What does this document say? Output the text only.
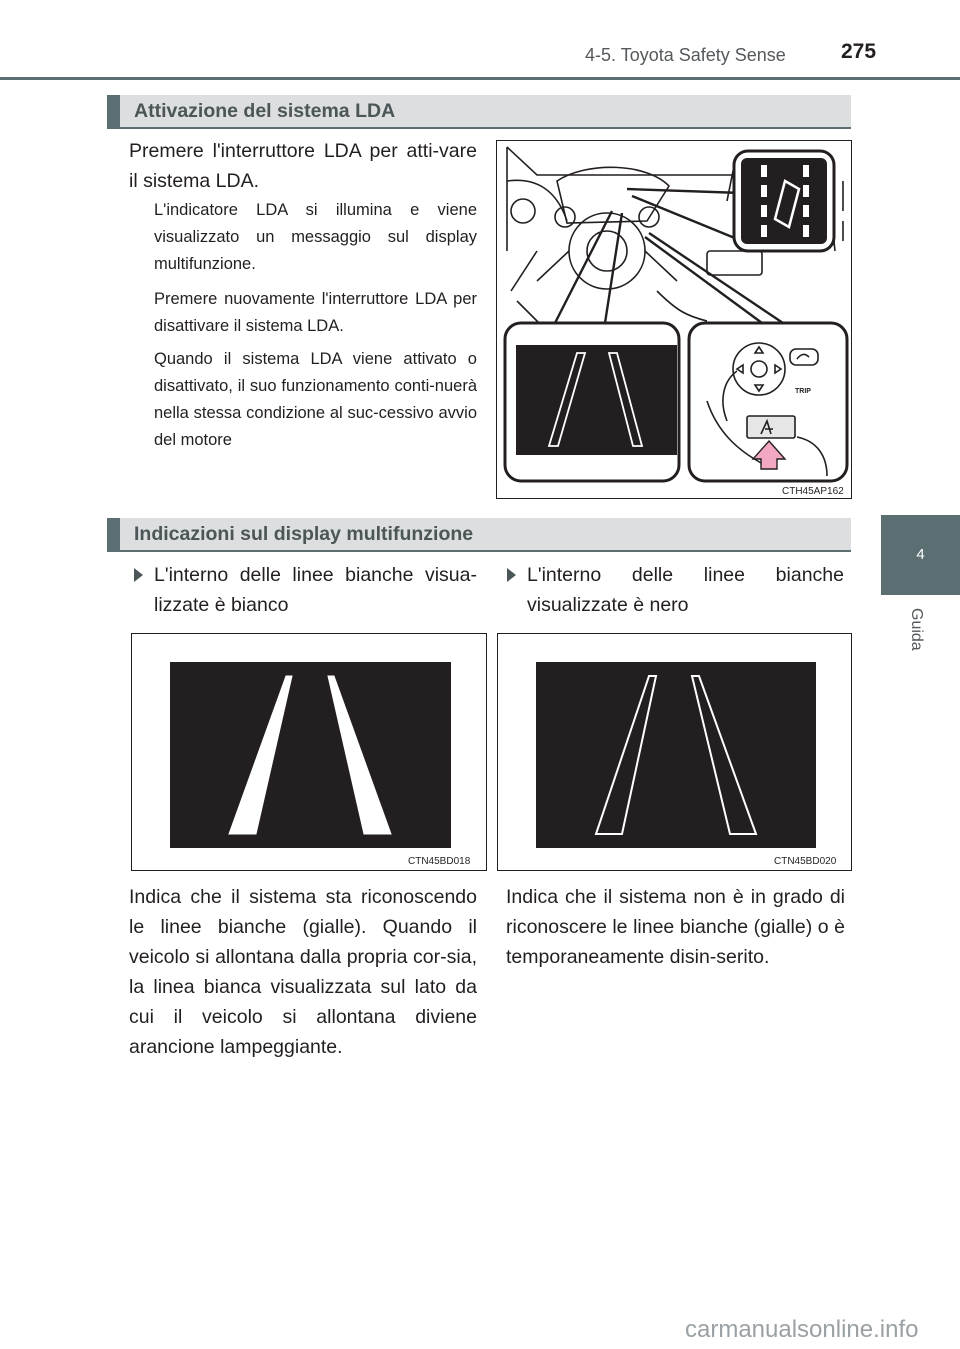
4-5. Toyota Safety Sense	275
4
Guida
Attivazione del sistema LDA
Premere l'interruttore LDA per atti-vare il sistema LDA.
L'indicatore LDA si illumina e viene visualizzato un messaggio sul display multifunzione.
Premere nuovamente l'interruttore LDA per disattivare il sistema LDA.
Quando il sistema LDA viene attivato o disattivato, il suo funzionamento conti-nuerà nella stessa condizione al suc-cessivo avvio del motore
TRIP
CTH45AP162
Indicazioni sul display multifunzione
L'interno delle linee bianche visua-lizzate è bianco
L'interno delle linee bianche visualizzate è nero
CTN45BD018	CTN45BD020
Indica che il sistema sta riconoscendo le linee bianche (gialle). Quando il veicolo si allontana dalla propria cor-sia, la linea bianca visualizzata sul lato da cui il veicolo si allontana diviene arancione lampeggiante.
Indica che il sistema non è in grado di riconoscere le linee bianche (gialle) o è temporaneamente disin-serito.
carmanualsonline.info
